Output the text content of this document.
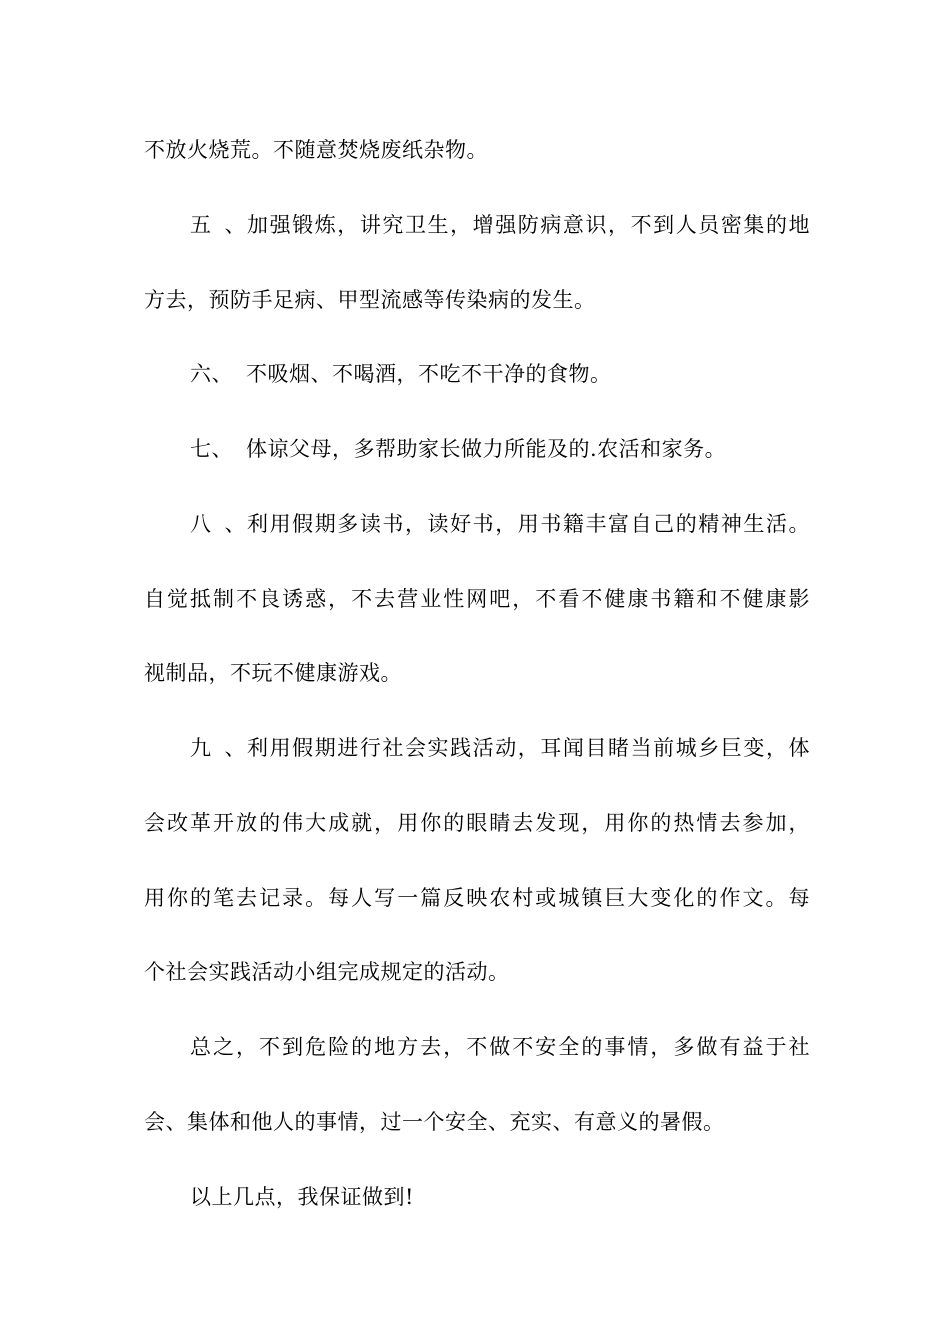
不放火烧荒。不随意焚烧废纸杂物。
五、加强锻炼，讲究卫生，增强防病意识，不到人员密集的地
方去，预防手足病、甲型流感等传染病的发生。
六、 不吸烟、不喝酒，不吃不干净的食物。
七、 体谅父母，多帮助家长做力所能及的.农活和家务。
八、利用假期多读书，读好书，用书籍丰富自己的精神生活。
自觉抵制不良诱惑，不去营业性网吧，不看不健康书籍和不健康影
视制品，不玩不健康游戏。
九、利用假期进行社会实践活动，耳闻目睹当前城乡巨变，体
会改革开放的伟大成就，用你的眼睛去发现，用你的热情去参加，
用你的笔去记录。每人写一篇反映农村或城镇巨大变化的作文。每
个社会实践活动小组完成规定的活动。
总之，不到危险的地方去，不做不安全的事情，多做有益于社
会、集体和他人的事情，过一个安全、充实、有意义的暑假。
以上几点，我保证做到!
